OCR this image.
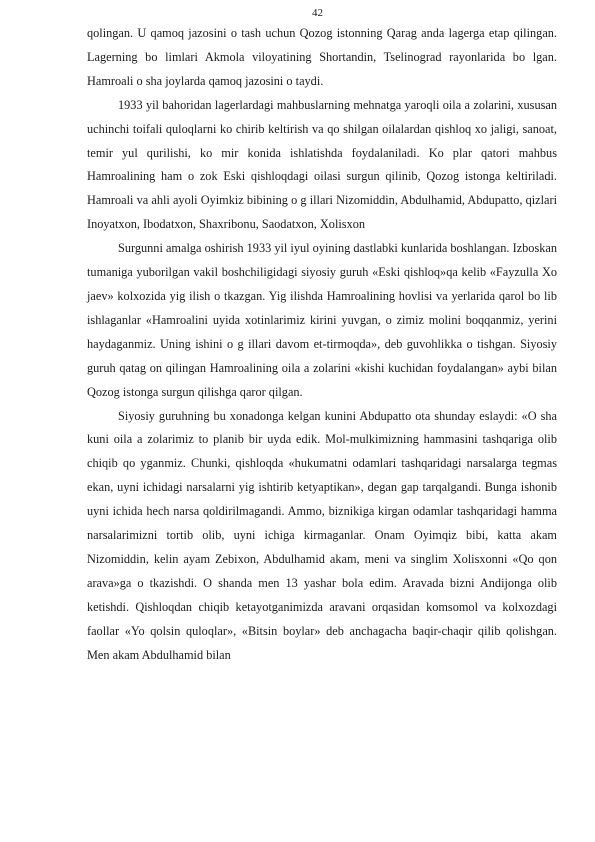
42

qolingan. U qamoq jazosini o tash uchun Qozog istonning Qarag anda lagerga etap qilingan. Lagerning bo limlari Akmola viloyatining Shortandin, Tselinograd rayonlarida bo lgan. Hamroali o sha joylarda qamoq jazosini o taydi.

1933 yil bahoridan lagerlardagi mahbuslarning mehnatga yaroqli oila a zolarini, xususan uchinchi toifali quloqlarni ko chirib keltirish va qo shilgan oilalardan qishloq xo jaligi, sanoat, temir yul qurilishi, ko mir konida ishlatishda foydalaniladi. Ko plar qatori mahbus Hamroalining ham o zok Eski qishloqdagi oilasi surgun qilinib, Qozog istonga keltiriladi. Hamroali va ahli ayoli Oyimkiz bibining o g illari Nizomiddin, Abdulhamid, Abdupatto, qizlari Inoyatxon, Ibodatxon, Shaxribonu, Saodatxon, Xolisxon

Surgunni amalga oshirish 1933 yil iyul oyining dastlabki kunlarida boshlangan. Izboskan tumaniga yuborilgan vakil boshchiligidagi siyosiy guruh «Eski qishloq»qa kelib «Fayzulla Xo jaev» kolxozida yig ilish o tkazgan. Yig ilishda Hamroalining hovlisi va yerlarida qarol bo lib ishlaganlar «Hamroalini uyida xotinlarimiz kirini yuvgan, o zimiz molini boqqanmiz, yerini haydaganmiz. Uning ishini o g illari davom et-tirmoqda», deb guvohlikka o tishgan. Siyosiy guruh qatag on qilingan Hamroalining oila a zolarini «kishi kuchidan foydalangan» aybi bilan Qozog istonga surgun qilishga qaror qilgan.

Siyosiy guruhning bu xonadonga kelgan kunini Abdupatto ota shunday eslaydi: «O sha kuni oila a zolarimiz to planib bir uyda edik. Mol-mulkimizning hammasini tashqariga olib chiqib qo yganmiz. Chunki, qishloqda «hukumatni odamlari tashqaridagi narsalarga tegmas ekan, uyni ichidagi narsalarni yig ishtirib ketyaptikan», degan gap tarqalgandi. Bunga ishonib uyni ichida hech narsa qoldirilmagandi. Ammo, biznikiga kirgan odamlar tashqaridagi hamma narsalarimizni tortib olib, uyni ichiga kirmaganlar. Onam Oyimqiz bibi, katta akam Nizomiddin, kelin ayam Zebixon, Abdulhamid akam, meni va singlim Xolisxonni «Qo qon arava»ga o tkazishdi. O shanda men 13 yashar bola edim. Aravada bizni Andijonga olib ketishdi. Qishloqdan chiqib ketayotganimizda aravani orqasidan komsomol va kolxozdagi faollar «Yo qolsin quloqlar», «Bitsin boylar» deb anchagacha baqir-chaqir qilib qolishgan. Men akam Abdulhamid bilan
